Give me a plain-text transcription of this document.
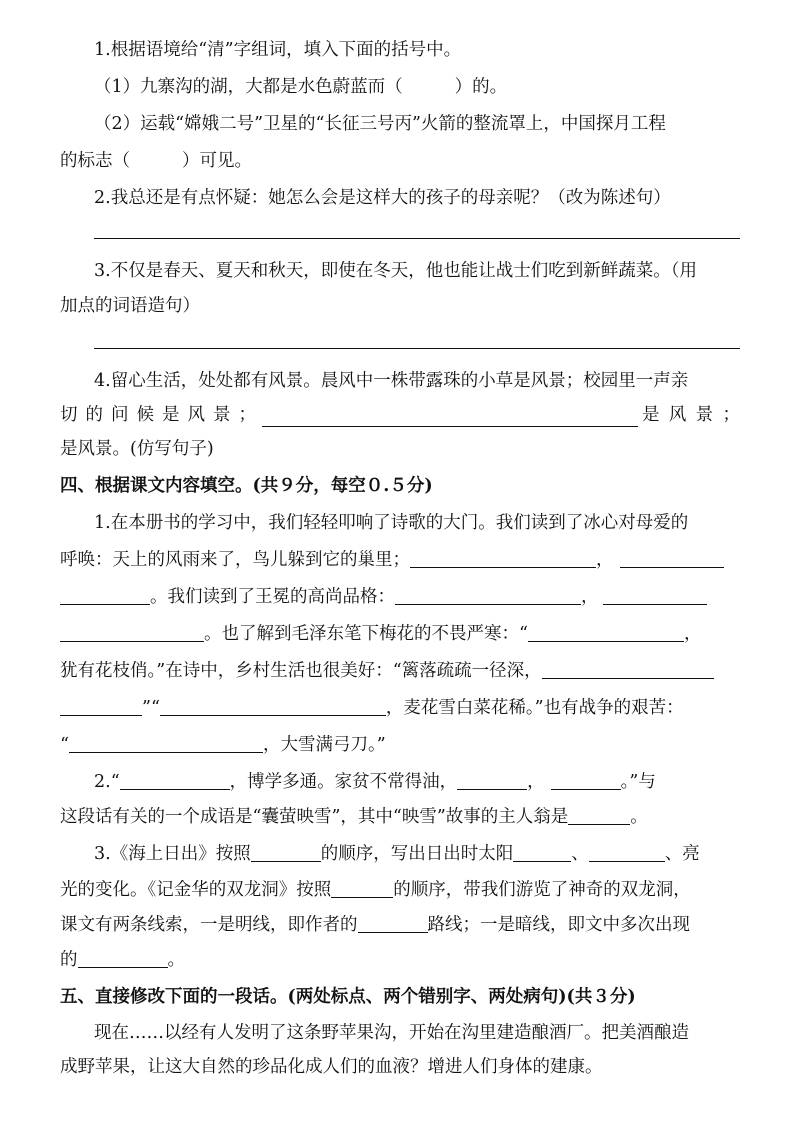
1.根据语境给“清”字组词，填入下面的括号中。
（1）九寨沟的湖，大都是水色蔚蓝而（	）的。
（2）运载“嫦娥二号”卫星的“长征三号丙”火箭的整流罩上，中国探月工程
的标志（	）可见。
2.我总还是有点怀疑：她怎么会是这样大的孩子的母亲呢？（改为陈述句）
3.不仅是春天、夏天和秋天，即使在冬天，他也能让战士们吃到新鲜蔬菜。（用
加点的词语造句）
4.留心生活，处处都有风景。晨风中一株带露珠的小草是风景；校园里一声亲
切 的 问 候 是 风 景 ；	是 风 景 ；
是风景。(仿写句子)
四、根据课文内容填空。(共９分，每空０.５分)
1.在本册书的学习中，我们轻轻叩响了诗歌的大门。我们读到了冰心对母爱的
呼唤：天上的风雨来了，鸟儿躲到它的巢里；	，
。我们读到了王冕的高尚品格：	，
。也了解到毛泽东笔下梅花的不畏严寒：“	，
犹有花枝俏。”在诗中，乡村生活也很美好：“篱落疏疏一径深，
”“	，麦花雪白菜花稀。”也有战争的艰苦：
“	，大雪满弓刀。”
2.“	，博学多通。家贫不常得油，	，	。”与
这段话有关的一个成语是“囊萤映雪”，其中“映雪”故事的主人翁是	。
3.《海上日出》按照	的顺序，写出日出时太阳	、	、亮
光的变化。《记金华的双龙洞》按照	的顺序，带我们游览了神奇的双龙洞，
课文有两条线索，一是明线，即作者的	路线；一是暗线，即文中多次出现
的	。
五、直接修改下面的一段话。(两处标点、两个错别字、两处病句)(共３分)
现在……以经有人发明了这条野苹果沟，开始在沟里建造酿酒厂。把美酒酿造
成野苹果，让这大自然的珍品化成人们的血液？增进人们身体的建康。
